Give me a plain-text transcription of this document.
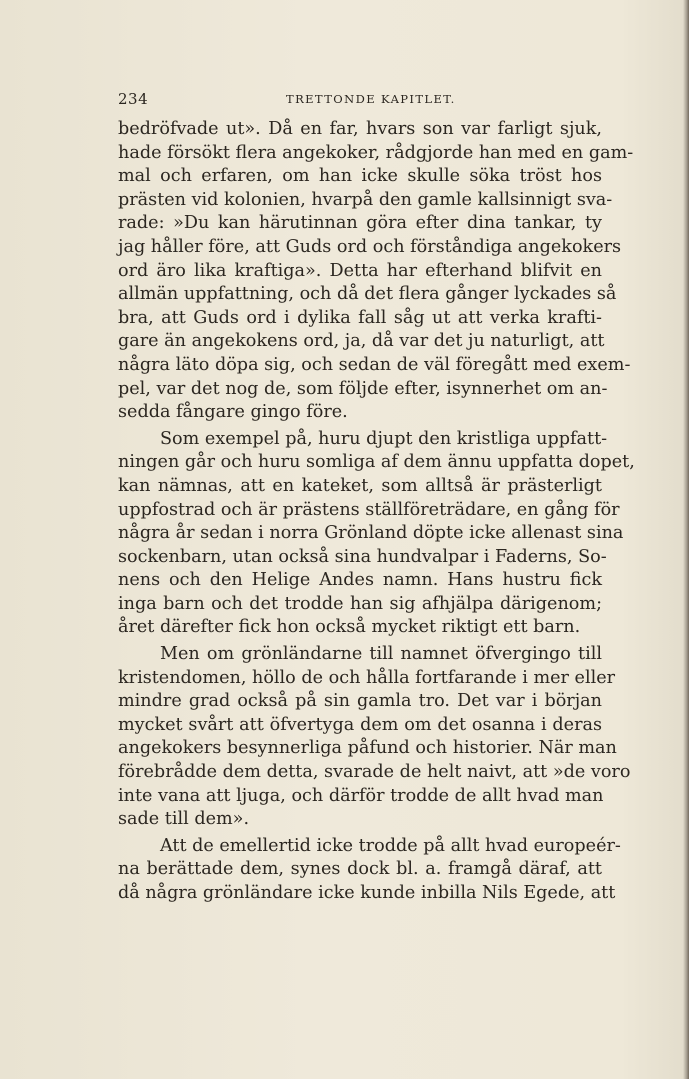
234	TRETTONDE KAPITLET.
bedröfvade ut». Då en far, hvars son var farligt sjuk,
hade försökt flera angekoker, rådgjorde han med en gam-
mal och erfaren, om han icke skulle söka tröst hos
prästen vid kolonien, hvarpå den gamle kallsinnigt sva-
rade: »Du kan härutinnan göra efter dina tankar, ty
jag håller före, att Guds ord och förståndiga angekokers
ord äro lika kraftiga». Detta har efterhand blifvit en
allmän uppfattning, och då det flera gånger lyckades så
bra, att Guds ord i dylika fall såg ut att verka krafti-
gare än angekokens ord, ja, då var det ju naturligt, att
några läto döpa sig, och sedan de väl föregått med exem-
pel, var det nog de, som följde efter, isynnerhet om an-
sedda fångare gingo före.
Som exempel på, huru djupt den kristliga uppfatt-
ningen går och huru somliga af dem ännu uppfatta dopet,
kan nämnas, att en kateket, som alltså är prästerligt
uppfostrad och är prästens ställföreträdare, en gång för
några år sedan i norra Grönland döpte icke allenast sina
sockenbarn, utan också sina hundvalpar i Faderns, So-
nens och den Helige Andes namn. Hans hustru fick
inga barn och det trodde han sig afhjälpa därigenom;
året därefter fick hon också mycket riktigt ett barn.
Men om grönländarne till namnet öfvergingo till
kristendomen, höllo de och hålla fortfarande i mer eller
mindre grad också på sin gamla tro. Det var i början
mycket svårt att öfvertyga dem om det osanna i deras
angekokers besynnerliga påfund och historier. När man
förebrådde dem detta, svarade de helt naivt, att »de voro
inte vana att ljuga, och därför trodde de allt hvad man
sade till dem».
Att de emellertid icke trodde på allt hvad europeér-
na berättade dem, synes dock bl. a. framgå däraf, att
då några grönländare icke kunde inbilla Nils Egede, att
